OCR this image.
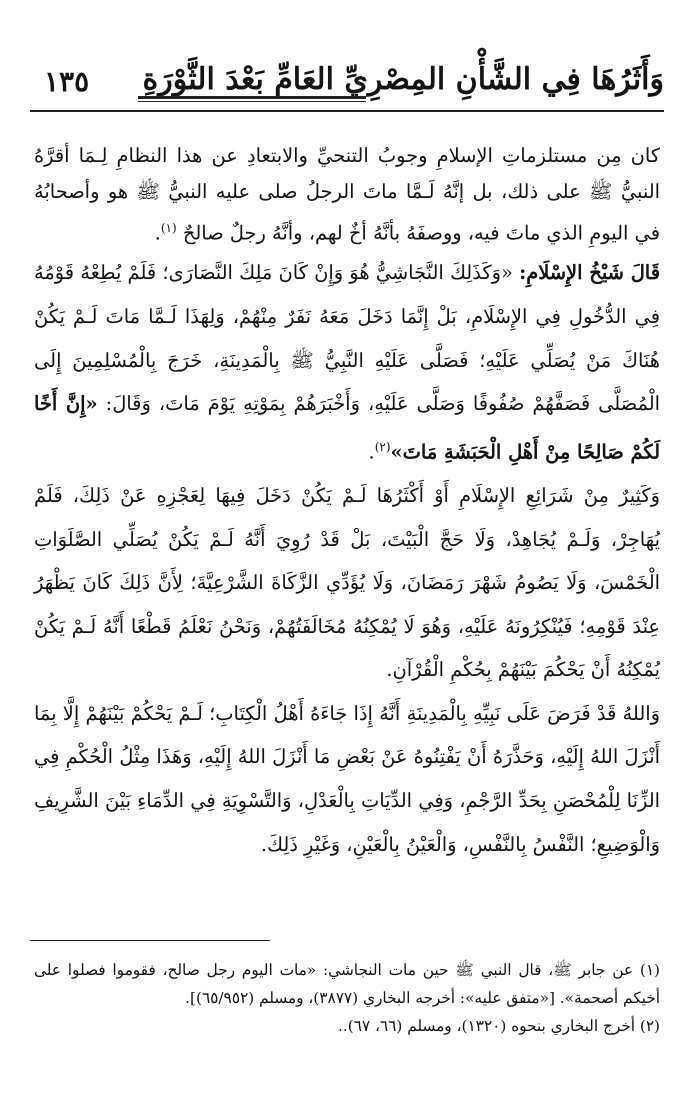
وَأَثَرُهَا فِي الشَّأْنِ المِصْرِيِّ العَامِّ بَعْدَ الثَّوْرَةِ
١٣٥

كان مِن مستلزماتِ الإسلامِ وجوبُ التنحيِّ والابتعادِ عن هذا النظامِ لِـمَا أقرَّهُ النبيُّ ﷺ على ذلك، بل إنَّهُ لَـمَّا ماتَ الرجلُ صلى عليه النبيُّ ﷺ هو وأصحابُهُ في اليومِ الذي ماتَ فيه، ووصفَهُ بأنَّهُ أخٌ لهم، وأنَّهُ رجلٌ صالحٌ $^{(١)}$.

قَالَ شَيْخُ الإِسْلَامِ: «وَكَذَلِكَ النَّجَاشِيُّ هُوَ وَإِنْ كَانَ مَلِكَ النَّصَارَى؛ فَلَمْ يُطِعْهُ قَوْمُهُ فِي الدُّخُولِ فِي الإِسْلَامِ، بَلْ إِنَّمَا دَخَلَ مَعَهُ نَفَرٌ مِنْهُمْ، وَلِهَذَا لَـمَّا مَاتَ لَـمْ يَكُنْ هُنَاكَ مَنْ يُصَلِّي عَلَيْهِ؛ فَصَلَّى عَلَيْهِ النَّبِيُّ ﷺ بِالْمَدِينَةِ، خَرَجَ بِالْمُسْلِمِينَ إِلَى الْمُصَلَّى فَصَفَّهُمْ صُفُوفًا وَصَلَّى عَلَيْهِ، وَأَخْبَرَهُمْ بِمَوْتِهِ يَوْمَ مَاتَ، وَقَالَ: «إِنَّ أَخًا لَكُمْ صَالِحًا مِنْ أَهْلِ الْحَبَشَةِ مَاتَ»$^{(٢)}$.

وَكَثِيرٌ مِنْ شَرَائِعِ الإِسْلَامِ أَوْ أَكْثَرُهَا لَـمْ يَكُنْ دَخَلَ فِيهَا لِعَجْزِهِ عَنْ ذَلِكَ، فَلَمْ يُهَاجِرْ، وَلَـمْ يُجَاهِدْ، وَلَا حَجَّ الْبَيْتَ، بَلْ قَدْ رُوِيَ أَنَّهُ لَـمْ يَكُنْ يُصَلِّي الصَّلَوَاتِ الْخَمْسَ، وَلَا يَصُومُ شَهْرَ رَمَضَانَ، وَلَا يُؤَدِّي الزَّكَاةَ الشَّرْعِيَّةَ؛ لِأَنَّ ذَلِكَ كَانَ يَظْهَرُ عِنْدَ قَوْمِهِ؛ فَيُنْكِرُونَهُ عَلَيْهِ، وَهُوَ لَا يُمْكِنُهُ مُخَالَفَتُهُمْ، وَنَحْنُ نَعْلَمُ قَطْعًا أَنَّهُ لَـمْ يَكُنْ يُمْكِنُهُ أَنْ يَحْكُمَ بَيْنَهُمْ بِحُكْمِ الْقُرْآنِ.

وَاللهُ قَدْ فَرَضَ عَلَى نَبِيِّهِ بِالْمَدِينَةِ أَنَّهُ إِذَا جَاءَهُ أَهْلُ الْكِتَابِ؛ لَـمْ يَحْكُمْ بَيْنَهُمْ إِلَّا بِمَا أَنْزَلَ اللهُ إِلَيْهِ، وَحَذَّرَهُ أَنْ يَفْتِنُوهُ عَنْ بَعْضِ مَا أَنْزَلَ اللهُ إِلَيْهِ، وَهَذَا مِثْلُ الْحُكْمِ فِي الزِّنَا لِلْمُحْصَنِ بِحَدِّ الرَّجْمِ، وَفِي الدِّيَاتِ بِالْعَدْلِ، وَالتَّسْوِيَةِ فِي الدِّمَاءِ بَيْنَ الشَّرِيفِ وَالْوَضِيعِ؛ النَّفْسُ بِالنَّفْسِ، وَالْعَيْنُ بِالْعَيْنِ، وَغَيْرِ ذَلِكَ.

(١) عن جابر ﷺ، قال النبي ﷺ حين مات النجاشي: «مات اليوم رجل صالح، فقوموا فصلوا على أخيكم أصحمة». [«متفق عليه»: أخرجه البخاري (٣٨٧٧)، ومسلم (٦٥/٩٥٢)].

(٢) أخرج البخاري بنحوه (١٣٢٠)، ومسلم (٦٦، ٦٧)..
